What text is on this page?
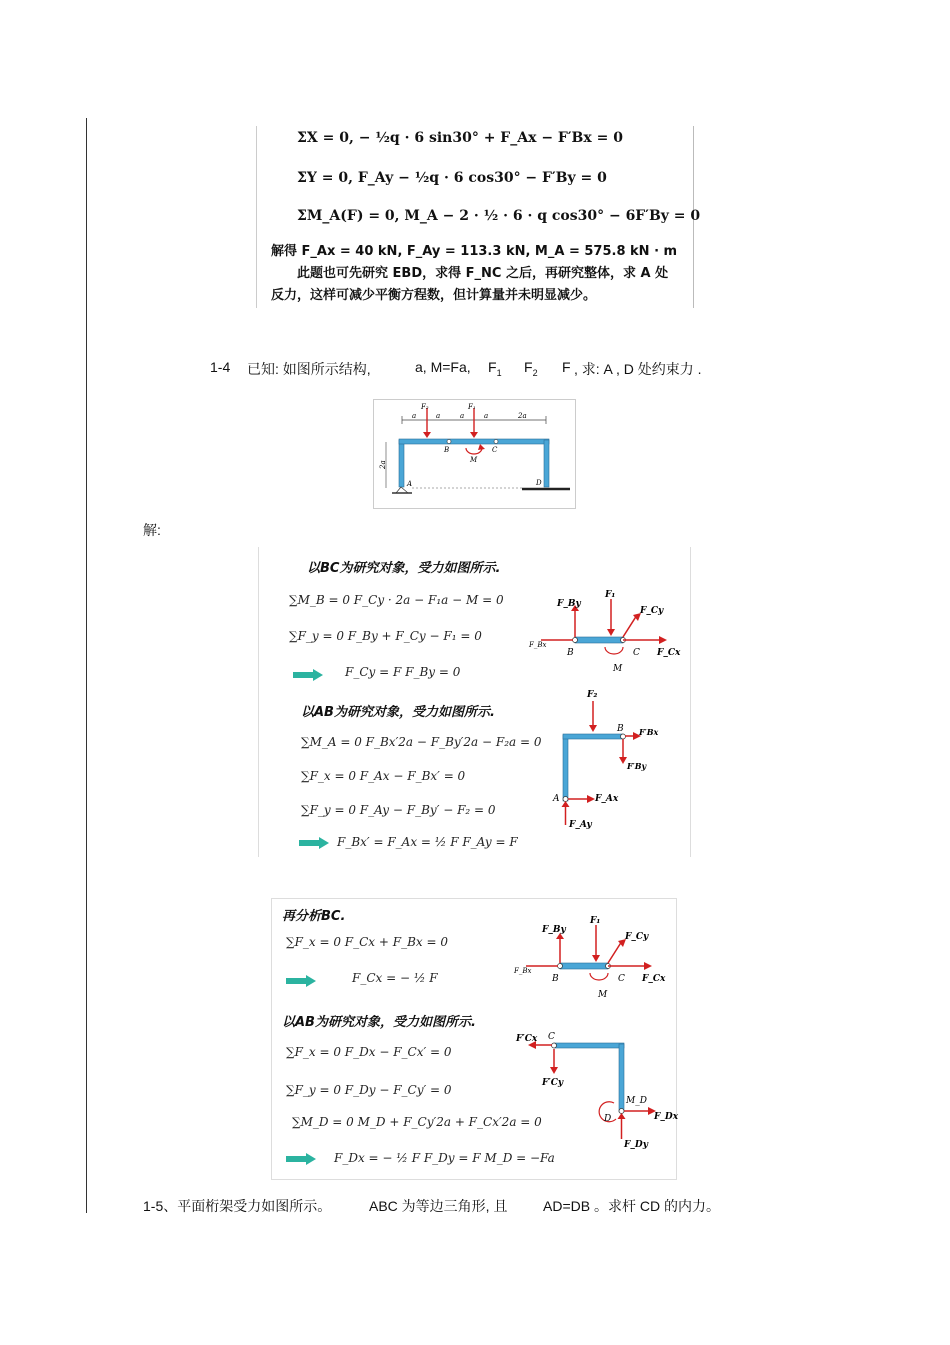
ΣX = 0, − ½q · 6 sin30° + F_Ax − F′Bx = 0
ΣY = 0, F_Ay − ½q · 6 cos30° − F′By = 0
ΣM_A(F) = 0, M_A − 2 · ½ · 6 · q cos30° − 6F′By = 0
解得 F_Ax = 40 kN, F_Ay = 113.3 kN, M_A = 575.8 kN · m
此题也可先研究 EBD，求得 F_NC 之后，再研究整体，求 A 处
反力，这样可减少平衡方程数，但计算量并未明显减少。
1-4 已知: 如图所示结构,	a, M=Fa, $F_1$ $F_2$ F , 求: A , D 处约束力 .
a	a	a	a	2a
B	C
F₂	F₁
M
2a
A	D
解:
以BC为研究对象，受力如图所示.
∑M_B = 0 F_Cy · 2a − F₁a − M = 0
∑F_y = 0 F_By + F_Cy − F₁ = 0
F_Cy = F F_By = 0
以AB为研究对象，受力如图所示.
∑M_A = 0 F_Bx′2a − F_By′2a − F₂a = 0
∑F_x = 0 F_Ax − F_Bx′ = 0
∑F_y = 0 F_Ay − F_By′ − F₂ = 0
F_Bx′ = F_Ax = ½ F F_Ay = F
F_By
F₁
F_Cy
F_Cx
F_Bx
B	C
M
F₂
B F′Bx
F′By
A	F_Ax
F_Ay
再分析BC.
∑F_x = 0 F_Cx + F_Bx = 0
F_Cx = − ½ F
以AB为研究对象，受力如图所示.
∑F_x = 0 F_Dx − F_Cx′ = 0
∑F_y = 0 F_Dy − F_Cy′ = 0
∑M_D = 0 M_D + F_Cy′2a + F_Cx′2a = 0
F_Dx = − ½ F F_Dy = F M_D = −Fa
F_By
F₁
F_Cy
F_Cx
F_Bx
B	C
M
F′Cx C
F′Cy
M_D
D	F_Dx
F_Dy
1-5、平面桁架受力如图所示。	ABC 为等边三角形, 且	AD=DB 。求杆 CD 的内力。
